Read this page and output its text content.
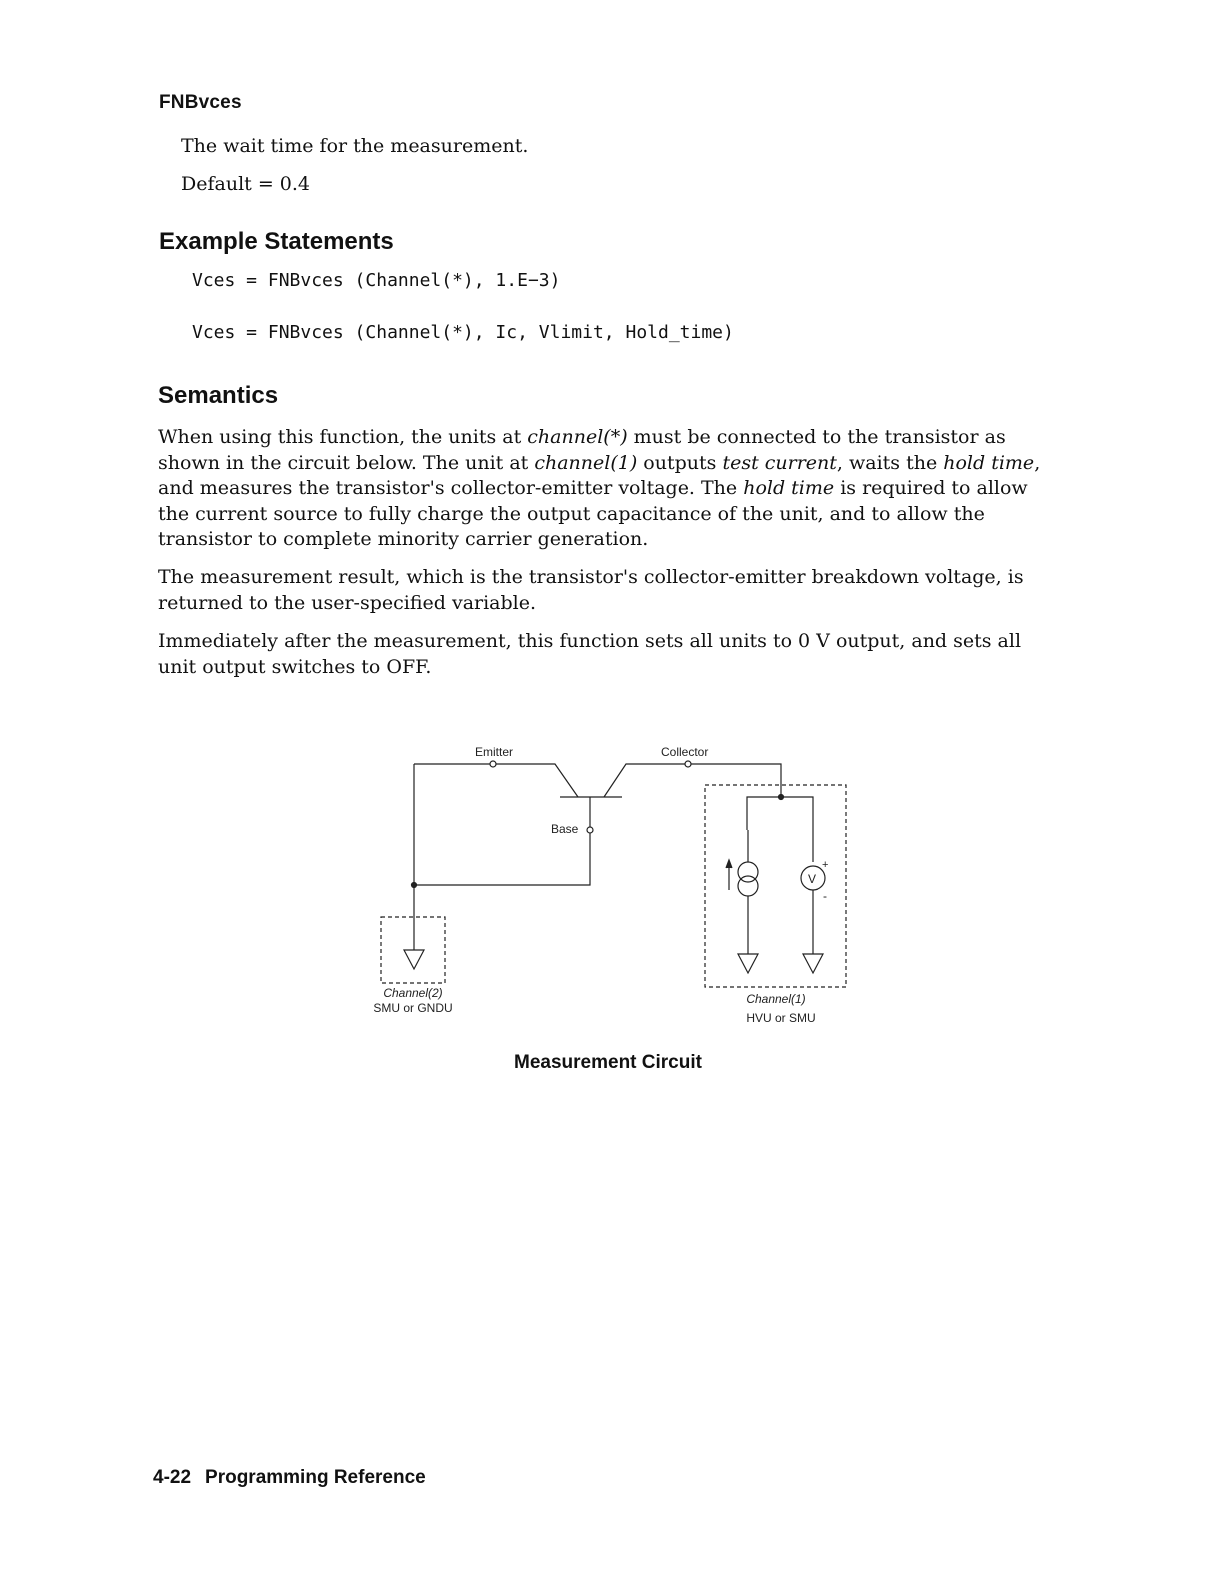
FNBvces
The wait time for the measurement.
Default = 0.4
Example Statements
Vces = FNBvces (Channel(*), 1.E−3)
Vces = FNBvces (Channel(*), Ic, Vlimit, Hold_time)
Semantics

When using this function, the units at channel(*) must be connected to the transistor as shown in the circuit below. The unit at channel(1) outputs test current, waits the hold time, and measures the transistor's collector-emitter voltage. The hold time is required to allow the current source to fully charge the output capacitance of the unit, and to allow the transistor to complete minority carrier generation.

The measurement result, which is the transistor's collector-emitter breakdown voltage, is returned to the user-specified variable.

Immediately after the measurement, this function sets all units to 0 V output, and sets all unit output switches to OFF.

Emitter	Collector
Base
V
+
-
Channel(2)
SMU or GNDU
Channel(1)
HVU or SMU
Measurement Circuit
4-22 Programming Reference
